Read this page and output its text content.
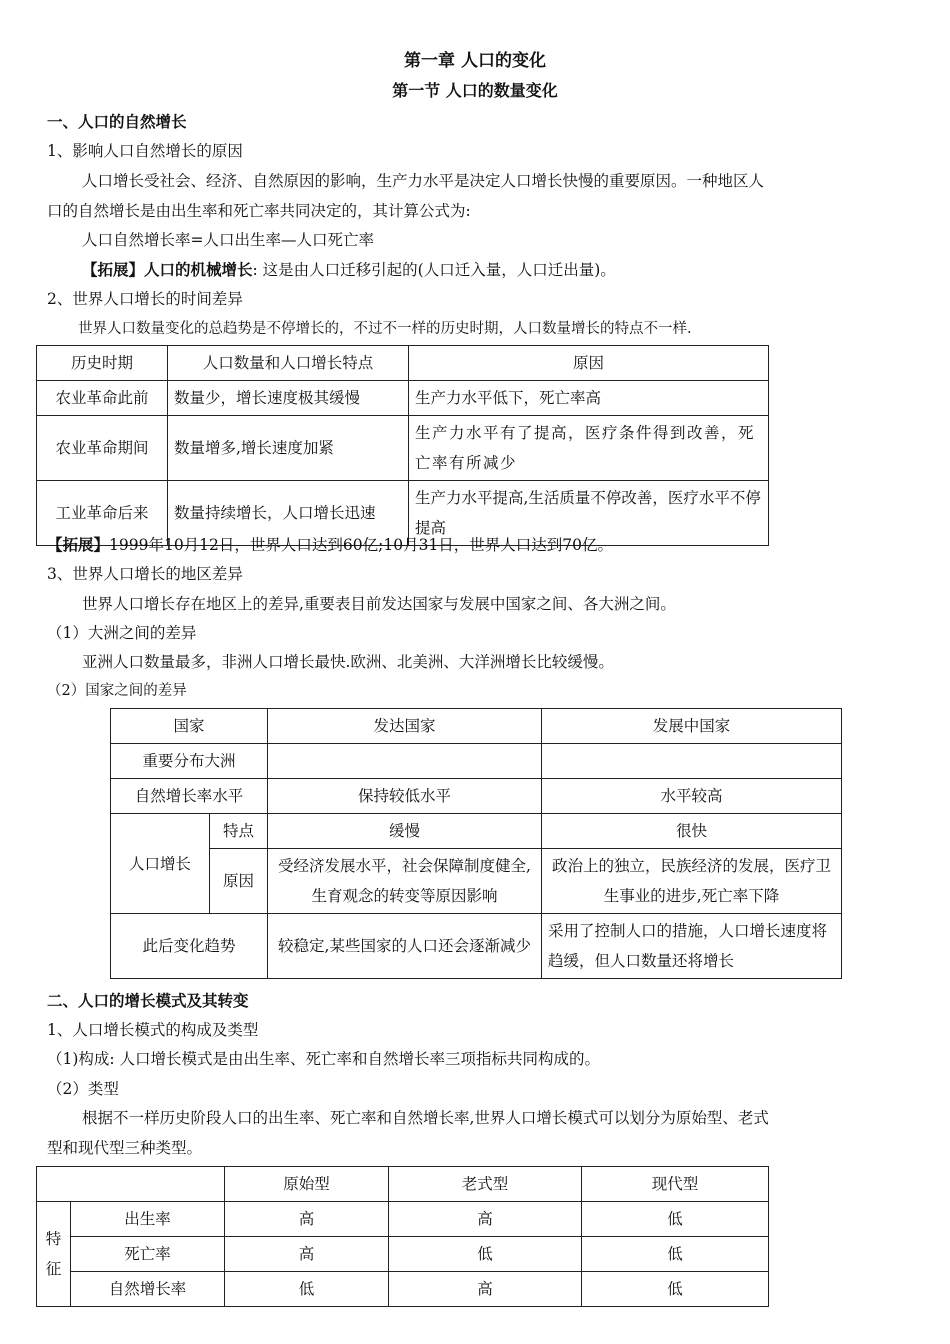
第一章 人口的变化
第一节 人口的数量变化
一、人口的自然增长
1、影响人口自然增长的原因
人口增长受社会、经济、自然原因的影响，生产力水平是决定人口增长快慢的重要原因。一种地区人
口的自然增长是由出生率和死亡率共同决定的，其计算公式为:
人口自然增长率=人口出生率—人口死亡率
【拓展】人口的机械增长: 这是由人口迁移引起的(人口迁入量，人口迁出量)。
2、世界人口增长的时间差异
世界人口数量变化的总趋势是不停增长的，不过不一样的历史时期，人口数量增长的特点不一样.
历史时期	人口数量和人口增长特点	原因
农业革命此前	数量少，增长速度极其缓慢	生产力水平低下，死亡率高
农业革命期间	数量增多,增长速度加紧	生产力水平有了提高，医疗条件得到改善，死亡率有所减少
工业革命后来	数量持续增长，人口增长迅速	生产力水平提高,生活质量不停改善，医疗水平不停提高
【拓展】1999年10月12日，世界人口达到60亿;10月31日，世界人口达到70亿。
3、世界人口增长的地区差异
世界人口增长存在地区上的差异,重要表目前发达国家与发展中国家之间、各大洲之间。
（1）大洲之间的差异
亚洲人口数量最多，非洲人口增长最快.欧洲、北美洲、大洋洲增长比较缓慢。
（2）国家之间的差异
国家		发达国家	发展中国家
重要分布大洲			
自然增长率水平		保持较低水平	水平较高
人口增长	特点	缓慢	很快
	原因	受经济发展水平，社会保障制度健全,生育观念的转变等原因影响	政治上的独立，民族经济的发展，医疗卫生事业的进步,死亡率下降
此后变化趋势		较稳定,某些国家的人口还会逐渐减少	采用了控制人口的措施，人口增长速度将趋缓，但人口数量还将增长
二、人口的增长模式及其转变
1、人口增长模式的构成及类型
（1)构成: 人口增长模式是由出生率、死亡率和自然增长率三项指标共同构成的。
（2）类型
根据不一样历史阶段人口的出生率、死亡率和自然增长率,世界人口增长模式可以划分为原始型、老式
型和现代型三种类型。
		原始型	老式型	现代型

特
征	出生率	高	高	低
	死亡率	高	低	低
	自然增长率	低	高	低
